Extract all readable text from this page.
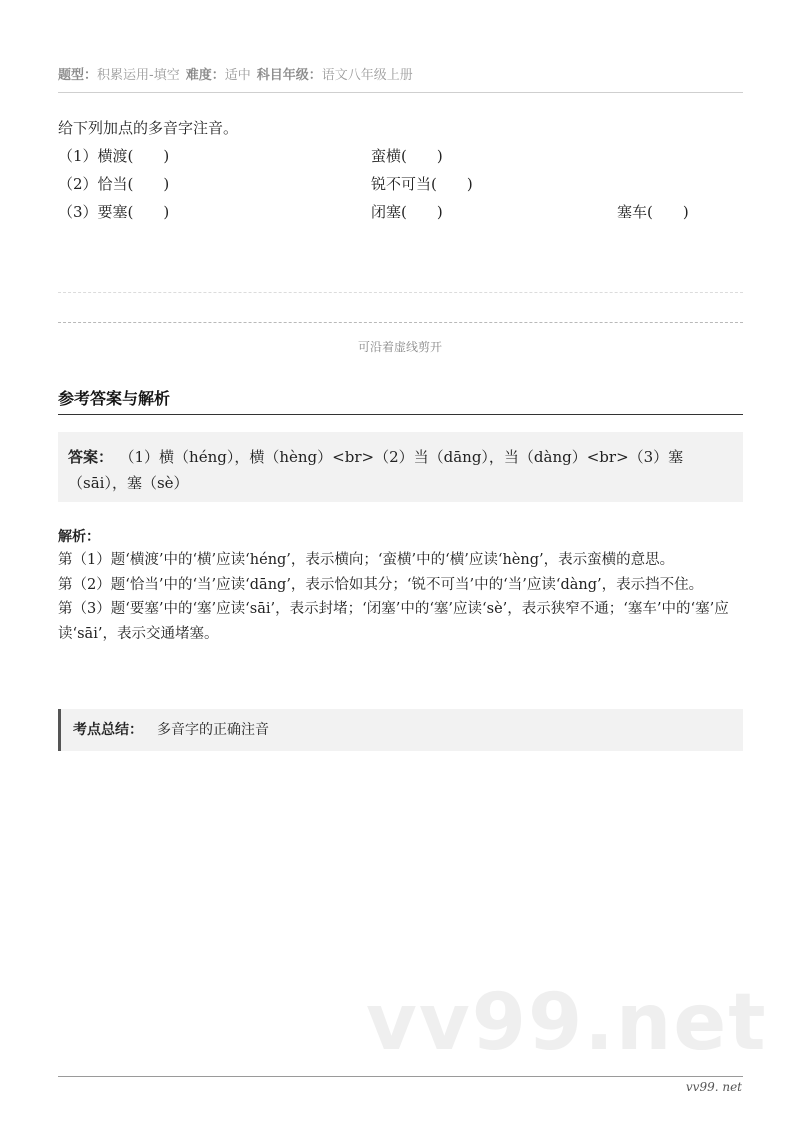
题型：积累运用-填空 难度：适中 科目年级：语文八年级上册
给下列加点的多音字注音。
（1）横渡(　　)	蛮横(　　)
（2）恰当(　　)	锐不可当(　　)
（3）要塞(　　)	闭塞(　　)	塞车(　　)
可沿着虚线剪开
参考答案与解析
答案： （1）横（héng），横（hèng）<br>（2）当（dāng），当（dàng）<br>（3）塞（sāi），塞（sè）
解析：

第（1）题‘横渡’中的‘横’应读‘héng’，表示横向；‘蛮横’中的‘横’应读‘hèng’，表示蛮横的意思。

第（2）题‘恰当’中的‘当’应读‘dāng’，表示恰如其分；‘锐不可当’中的‘当’应读‘dàng’，表示挡不住。

第（3）题‘要塞’中的‘塞’应读‘sāi’，表示封堵；‘闭塞’中的‘塞’应读‘sè’，表示狭窄不通；‘塞车’中的‘塞’应读‘sāi’，表示交通堵塞。

考点总结： 多音字的正确注音
vv99.net
vv99. net
